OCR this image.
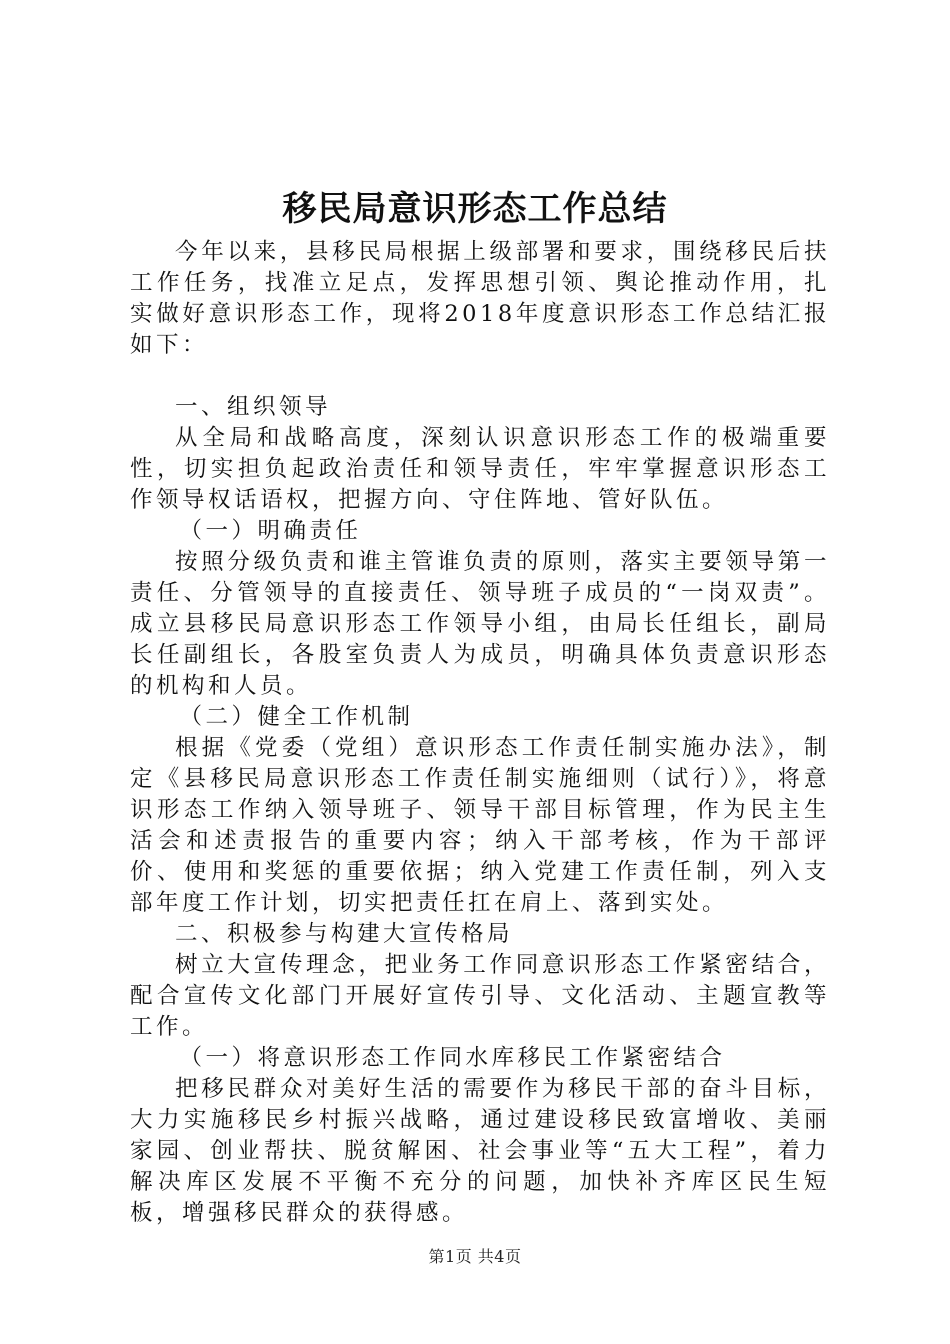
移民局意识形态工作总结

今年以来，县移民局根据上级部署和要求，围绕移民后扶工作任务，找准立足点，发挥思想引领、舆论推动作用，扎实做好意识形态工作，现将2018年度意识形态工作总结汇报如下：

一、组织领导

从全局和战略高度，深刻认识意识形态工作的极端重要性，切实担负起政治责任和领导责任，牢牢掌握意识形态工作领导权话语权，把握方向、守住阵地、管好队伍。

（一）明确责任

按照分级负责和谁主管谁负责的原则，落实主要领导第一责任、分管领导的直接责任、领导班子成员的“一岗双责”。成立县移民局意识形态工作领导小组，由局长任组长，副局长任副组长，各股室负责人为成员，明确具体负责意识形态的机构和人员。

（二）健全工作机制

根据《党委（党组）意识形态工作责任制实施办法》，制定《县移民局意识形态工作责任制实施细则（试行）》，将意识形态工作纳入领导班子、领导干部目标管理，作为民主生活会和述责报告的重要内容；纳入干部考核，作为干部评价、使用和奖惩的重要依据；纳入党建工作责任制，列入支部年度工作计划，切实把责任扛在肩上、落到实处。

二、积极参与构建大宣传格局

树立大宣传理念，把业务工作同意识形态工作紧密结合，配合宣传文化部门开展好宣传引导、文化活动、主题宣教等工作。

（一）将意识形态工作同水库移民工作紧密结合

把移民群众对美好生活的需要作为移民干部的奋斗目标，大力实施移民乡村振兴战略，通过建设移民致富增收、美丽家园、创业帮扶、脱贫解困、社会事业等“五大工程”，着力解决库区发展不平衡不充分的问题，加快补齐库区民生短板，增强移民群众的获得感。

第1页 共4页
